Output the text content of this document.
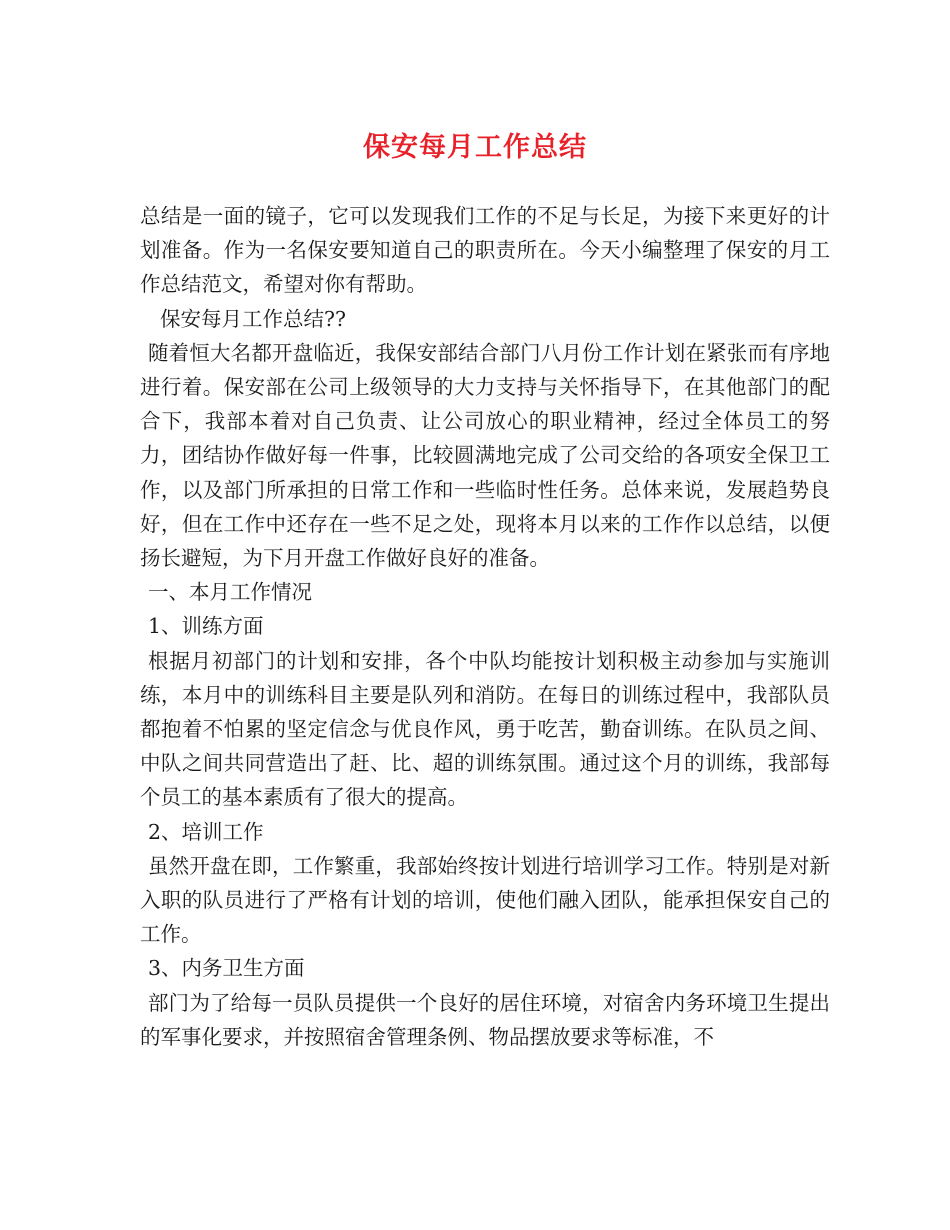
保安每月工作总结

总结是一面的镜子，它可以发现我们工作的不足与长足，为接下来更好的计划准备。作为一名保安要知道自己的职责所在。今天小编整理了保安的月工作总结范文，希望对你有帮助。

保安每月工作总结??

随着恒大名都开盘临近，我保安部结合部门八月份工作计划在紧张而有序地进行着。保安部在公司上级领导的大力支持与关怀指导下，在其他部门的配合下，我部本着对自己负责、让公司放心的职业精神，经过全体员工的努力，团结协作做好每一件事，比较圆满地完成了公司交给的各项安全保卫工作，以及部门所承担的日常工作和一些临时性任务。总体来说，发展趋势良好，但在工作中还存在一些不足之处，现将本月以来的工作作以总结，以便扬长避短，为下月开盘工作做好良好的准备。

一、本月工作情况

1、训练方面

根据月初部门的计划和安排，各个中队均能按计划积极主动参加与实施训练，本月中的训练科目主要是队列和消防。在每日的训练过程中，我部队员都抱着不怕累的坚定信念与优良作风，勇于吃苦，勤奋训练。在队员之间、中队之间共同营造出了赶、比、超的训练氛围。通过这个月的训练，我部每个员工的基本素质有了很大的提高。

2、培训工作

虽然开盘在即，工作繁重，我部始终按计划进行培训学习工作。特别是对新入职的队员进行了严格有计划的培训，使他们融入团队，能承担保安自己的工作。

3、内务卫生方面

部门为了给每一员队员提供一个良好的居住环境，对宿舍内务环境卫生提出的军事化要求，并按照宿舍管理条例、物品摆放要求等标准，不
